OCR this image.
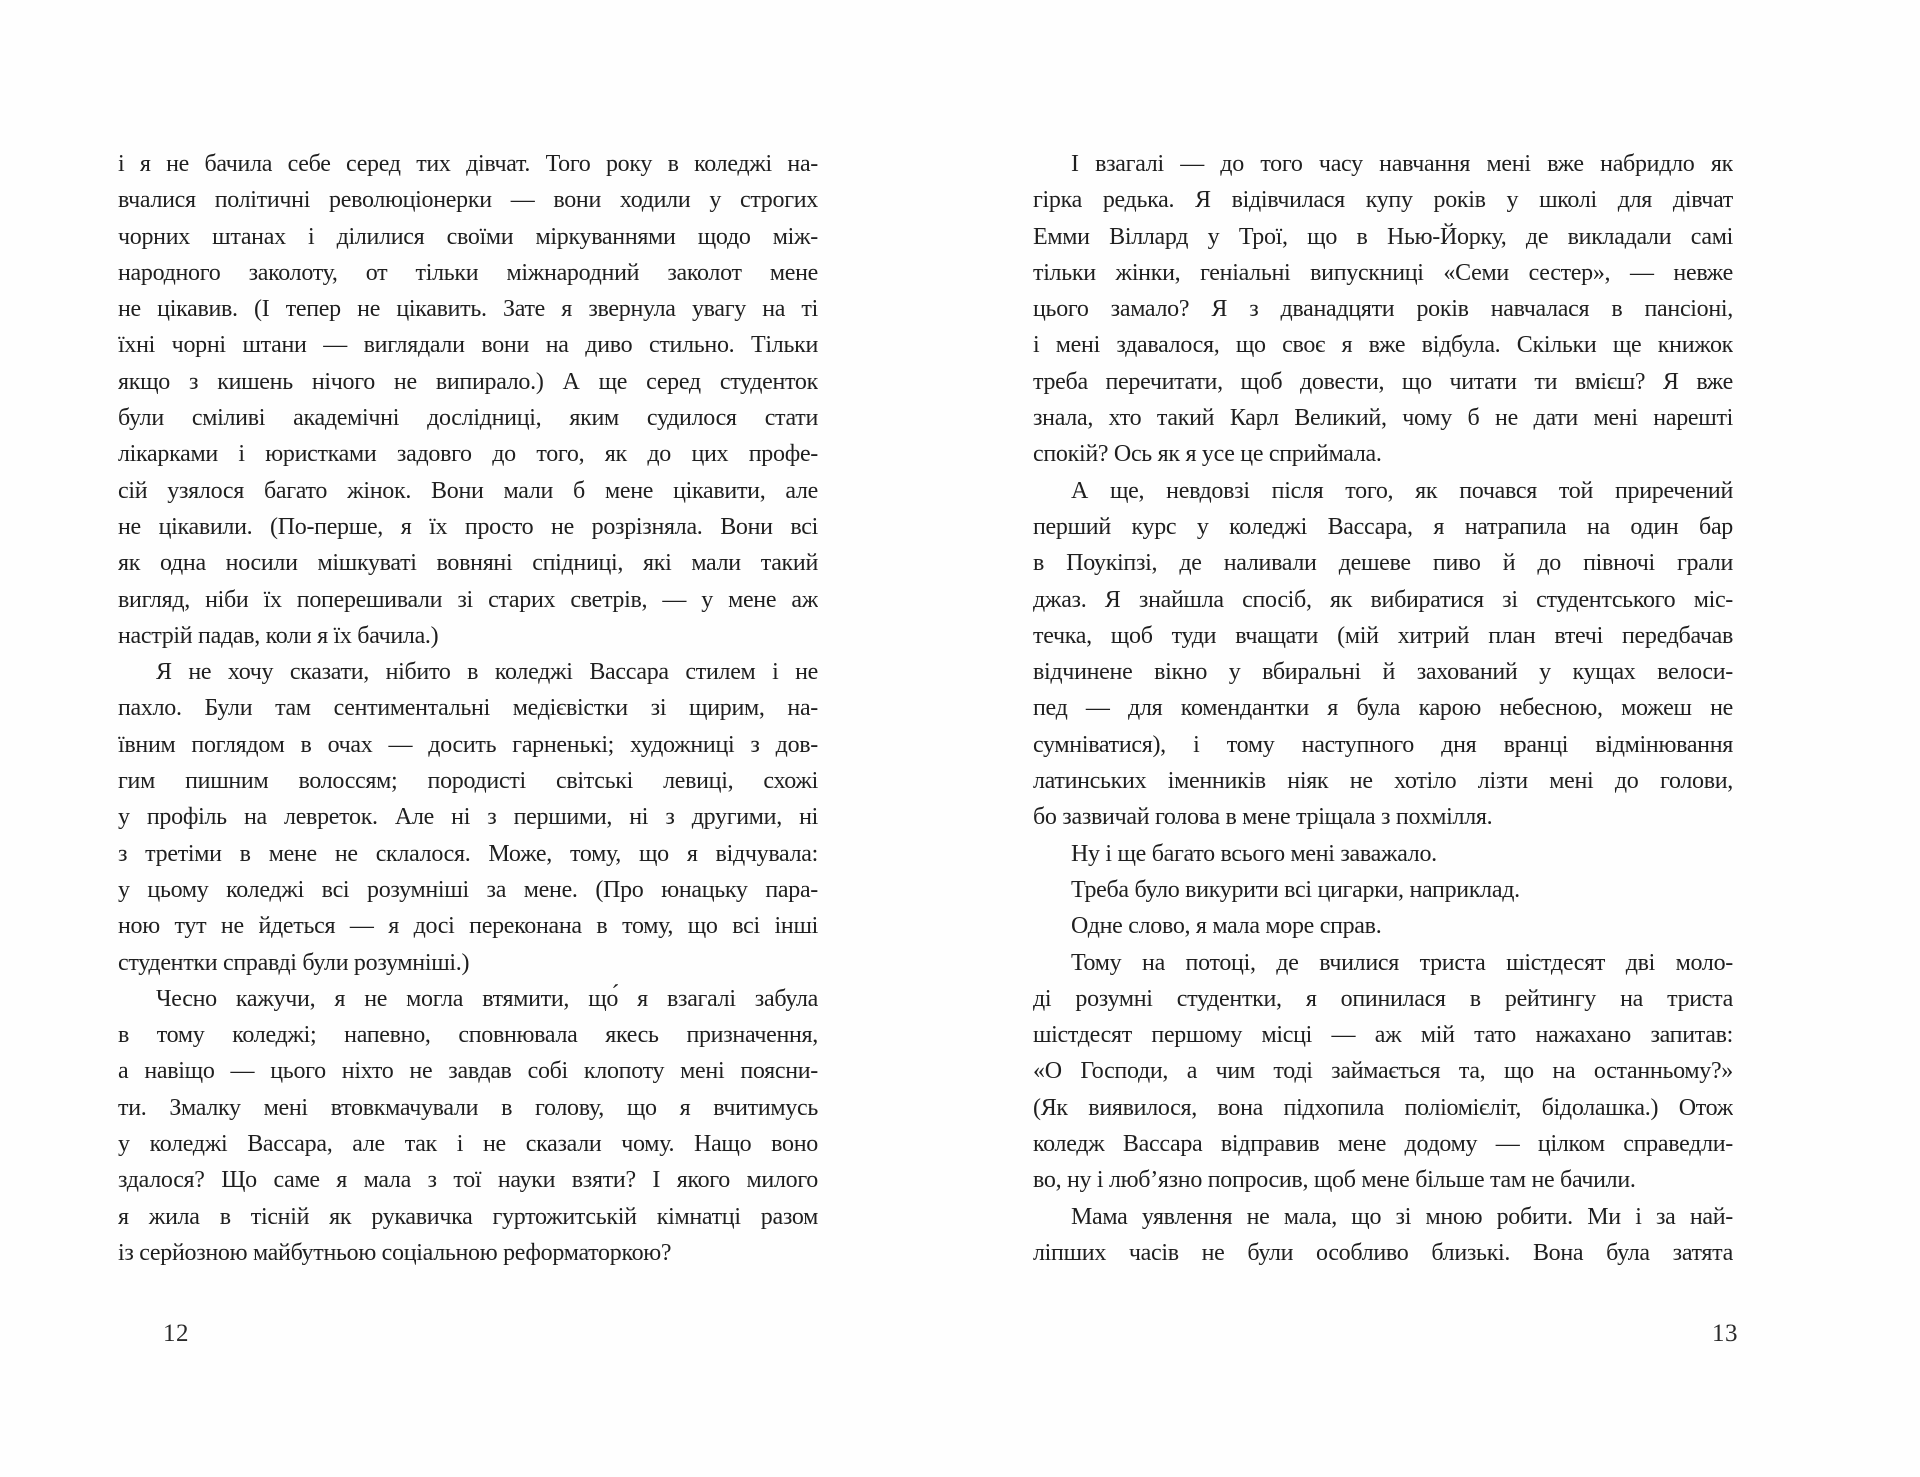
і я не бачила себе серед тих дівчат. Того року в коледжі на-
вчалися політичні революціонерки — вони ходили у строгих
чорних штанах і ділилися своїми міркуваннями щодо між-
народного заколоту, от тільки міжнародний заколот мене
не цікавив. (І тепер не цікавить. Зате я звернула увагу на ті
їхні чорні штани — виглядали вони на диво стильно. Тільки
якщо з кишень нічого не випирало.) А ще серед студенток
були сміливі академічні дослідниці, яким судилося стати
лікарками і юристками задовго до того, як до цих профе-
сій узялося багато жінок. Вони мали б мене цікавити, але
не цікавили. (По-перше, я їх просто не розрізняла. Вони всі
як одна носили мішкуваті вовняні спідниці, які мали такий
вигляд, ніби їх поперешивали зі старих светрів, — у мене аж
настрій падав, коли я їх бачила.)
Я не хочу сказати, нібито в коледжі Вассара стилем і не
пахло. Були там сентиментальні медієвістки зі щирим, на-
ївним поглядом в очах — досить гарненькі; художниці з дов-
гим пишним волоссям; породисті світські левиці, схожі
у профіль на левреток. Але ні з першими, ні з другими, ні
з третіми в мене не склалося. Може, тому, що я відчувала:
у цьому коледжі всі розумніші за мене. (Про юнацьку пара-
ною тут не йдеться — я досі переконана в тому, що всі інші
студентки справді були розумніші.)
Чесно кажучи, я не могла втямити, що́ я взагалі забула
в тому коледжі; напевно, сповнювала якесь призначення,
а навіщо — цього ніхто не завдав собі клопоту мені поясни-
ти. Змалку мені втовкмачували в голову, що я вчитимусь
у коледжі Вассара, але так і не сказали чому. Нащо воно
здалося? Що саме я мала з тої науки взяти? І якого милого
я жила в тісній як рукавичка гуртожитській кімнатці разом
із серйозною майбутньою соціальною реформаторкою?
І взагалі — до того часу навчання мені вже набридло як
гірка редька. Я відівчилася купу років у школі для дівчат
Емми Віллард у Трої, що в Нью-Йорку, де викладали самі
тільки жінки, геніальні випускниці «Семи сестер», — невже
цього замало? Я з дванадцяти років навчалася в пансіоні,
і мені здавалося, що своє я вже відбула. Скільки ще книжок
треба перечитати, щоб довести, що читати ти вмієш? Я вже
знала, хто такий Карл Великий, чому б не дати мені нарешті
спокій? Ось як я усе це сприймала.
А ще, невдовзі після того, як почався той приречений
перший курс у коледжі Вассара, я натрапила на один бар
в Поукіпзі, де наливали дешеве пиво й до півночі грали
джаз. Я знайшла спосіб, як вибиратися зі студентського міс-
течка, щоб туди вчащати (мій хитрий план втечі передбачав
відчинене вікно у вбиральні й захований у кущах велоси-
пед — для комендантки я була карою небесною, можеш не
сумніватися), і тому наступного дня вранці відмінювання
латинських іменників ніяк не хотіло лізти мені до голови,
бо зазвичай голова в мене тріщала з похмілля.
Ну і ще багато всього мені заважало.
Треба було викурити всі цигарки, наприклад.
Одне слово, я мала море справ.
Тому на потоці, де вчилися триста шістдесят дві моло-
ді розумні студентки, я опинилася в рейтингу на триста
шістдесят першому місці — аж мій тато нажахано запитав:
«О Господи, а чим тоді займається та, що на останньому?»
(Як виявилося, вона підхопила поліомієліт, бідолашка.) Отож
коледж Вассара відправив мене додому — цілком справедли-
во, ну і люб’язно попросив, щоб мене більше там не бачили.
Мама уявлення не мала, що зі мною робити. Ми і за най-
ліпших часів не були особливо близькі. Вона була затята
12	13
